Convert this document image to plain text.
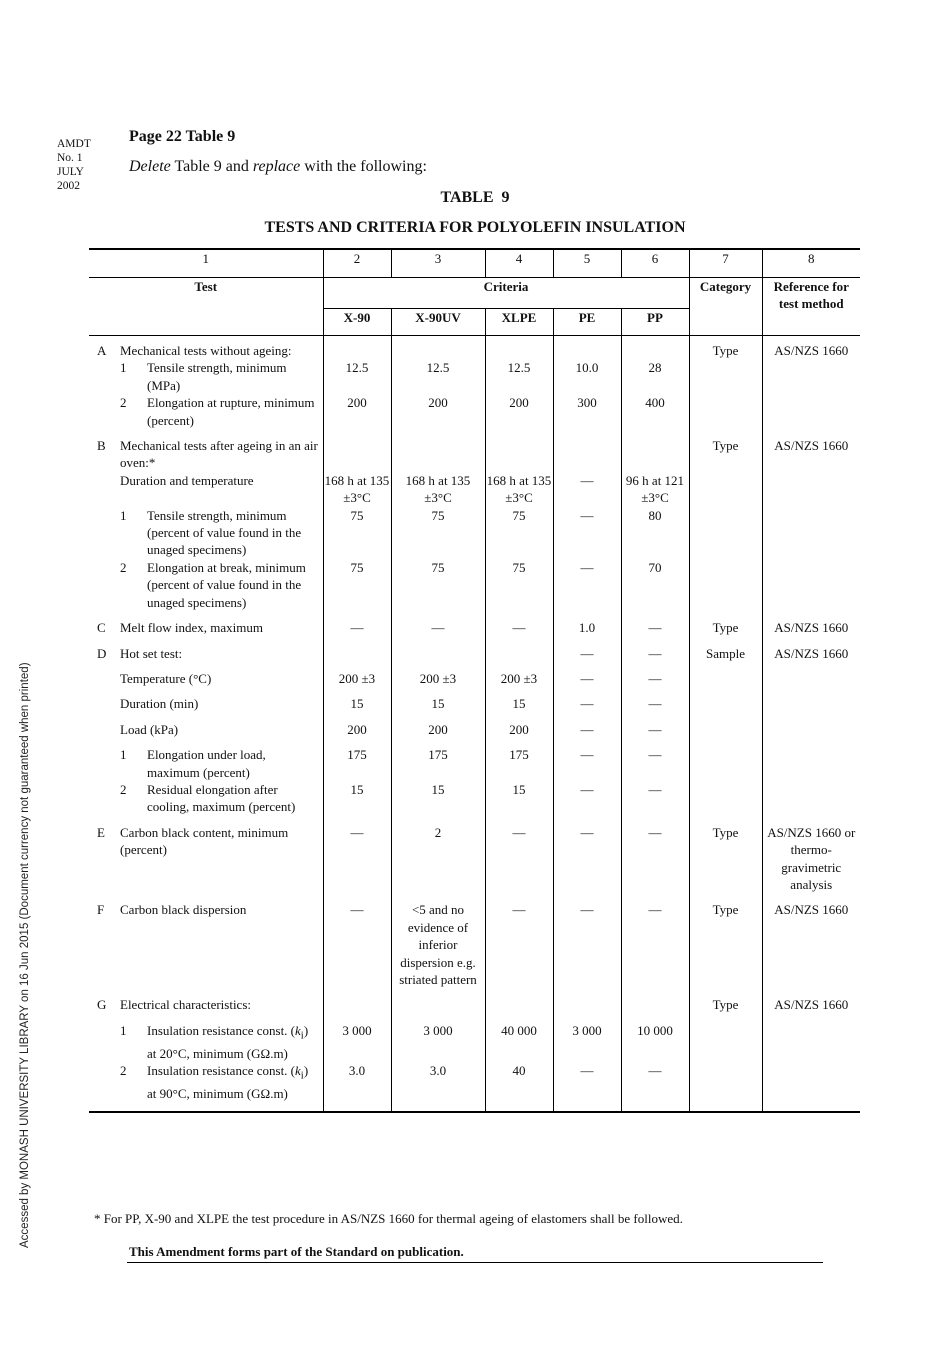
Accessed by MONASH UNIVERSITY LIBRARY on 16 Jun 2015 (Document currency not guaranteed when printed)
AMDT
No. 1
JULY
2002
Page 22 Table 9
Delete Table 9 and replace with the following:
TABLE 9
TESTS AND CRITERIA FOR POLYOLEFIN INSULATION
1	2	3	4	5	6	7	8
Test	Criteria					Category	Reference for test method
	X-90	X-90UV	XLPE	PE	PP		

A Mechanical tests without ageing:						Type	AS/NZS 1660

1 Tensile strength, minimum (MPa)	12.5	12.5	12.5	10.0	28		

2 Elongation at rupture, minimum (percent)	200	200	200	300	400		

B Mechanical tests after ageing in an air oven:*						Type	AS/NZS 1660

Duration and temperature	168 h at 135 ±3°C	168 h at 135 ±3°C	168 h at 135 ±3°C	—	96 h at 121 ±3°C		

1 Tensile strength, minimum (percent of value found in the unaged specimens)	75	75	75	—	80		

2 Elongation at break, minimum (percent of value found in the unaged specimens)	75	75	75	—	70		

C Melt flow index, maximum	—	—	—	1.0	—	Type	AS/NZS 1660

D Hot set test:				—	—	Sample	AS/NZS 1660

Temperature (°C)	200 ±3	200 ±3	200 ±3	—	—		

Duration (min)	15	15	15	—	—		

Load (kPa)	200	200	200	—	—		

1 Elongation under load, maximum (percent)	175	175	175	—	—		

2 Residual elongation after cooling, maximum (percent)	15	15	15	—	—		

E Carbon black content, minimum (percent)	—	2	—	—	—	Type	AS/NZS 1660 or thermo-gravimetric analysis

F Carbon black dispersion	—	<5 and no evidence of inferior dispersion e.g. striated pattern	—	—	—	Type	AS/NZS 1660

G Electrical characteristics:						Type	AS/NZS 1660

1 Insulation resistance const. $(k_i)$ at 20°C, minimum (GΩ.m)	3 000	3 000	40 000	3 000	10 000		

2 Insulation resistance const. $(k_i)$ at 90°C, minimum (GΩ.m)	3.0	3.0	40	—	—		

* For PP, X-90 and XLPE the test procedure in AS/NZS 1660 for thermal ageing of elastomers shall be followed.
This Amendment forms part of the Standard on publication.
